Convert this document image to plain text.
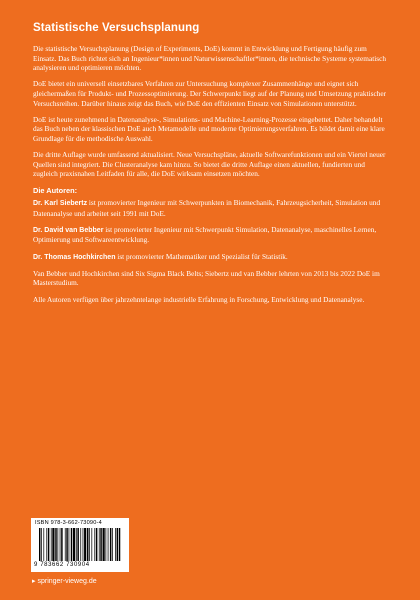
Statistische Versuchsplanung

Die statistische Versuchsplanung (Design of Experiments, DoE) kommt in Entwicklung und Fertigung häufig zum Einsatz. Das Buch richtet sich an Ingenieur*innen und Naturwissenschaftler*innen, die technische Systeme systematisch analysieren und optimieren möchten.

DoE bietet ein universell einsetzbares Verfahren zur Untersuchung komplexer Zusammenhänge und eignet sich gleichermaßen für Produkt- und Prozessoptimierung. Der Schwerpunkt liegt auf der Planung und Umsetzung praktischer Versuchsreihen. Darüber hinaus zeigt das Buch, wie DoE den effizienten Einsatz von Simulationen unterstützt.

DoE ist heute zunehmend in Datenanalyse-, Simulations- und Machine-Learning-Prozesse eingebettet. Daher behandelt das Buch neben der klassischen DoE auch Metamodelle und moderne Optimierungsverfahren. Es bildet damit eine klare Grundlage für die methodische Auswahl.

Die dritte Auflage wurde umfassend aktualisiert. Neue Versuchspläne, aktuelle Softwarefunktionen und ein Viertel neuer Quellen sind integriert. Die Clusteranalyse kam hinzu. So bietet die dritte Auflage einen aktuellen, fundierten und zugleich praxisnahen Leitfaden für alle, die DoE wirksam einsetzen möchten.

Die Autoren:

Dr. Karl Siebertz ist promovierter Ingenieur mit Schwerpunkten in Biomechanik, Fahrzeugsicherheit, Simulation und Datenanalyse und arbeitet seit 1991 mit DoE.

Dr. David van Bebber ist promovierter Ingenieur mit Schwerpunkt Simulation, Datenanalyse, maschinelles Lernen, Optimierung und Softwareentwicklung.

Dr. Thomas Hochkirchen ist promovierter Mathematiker und Spezialist für Statistik.

Van Bebber und Hochkirchen sind Six Sigma Black Belts; Siebertz und van Bebber lehrten von 2013 bis 2022 DoE im Masterstudium.

Alle Autoren verfügen über jahrzehntelange industrielle Erfahrung in Forschung, Entwicklung und Datenanalyse.

ISBN 978-3-662-73090-4
9 783662 730904
▸ springer-vieweg.de
